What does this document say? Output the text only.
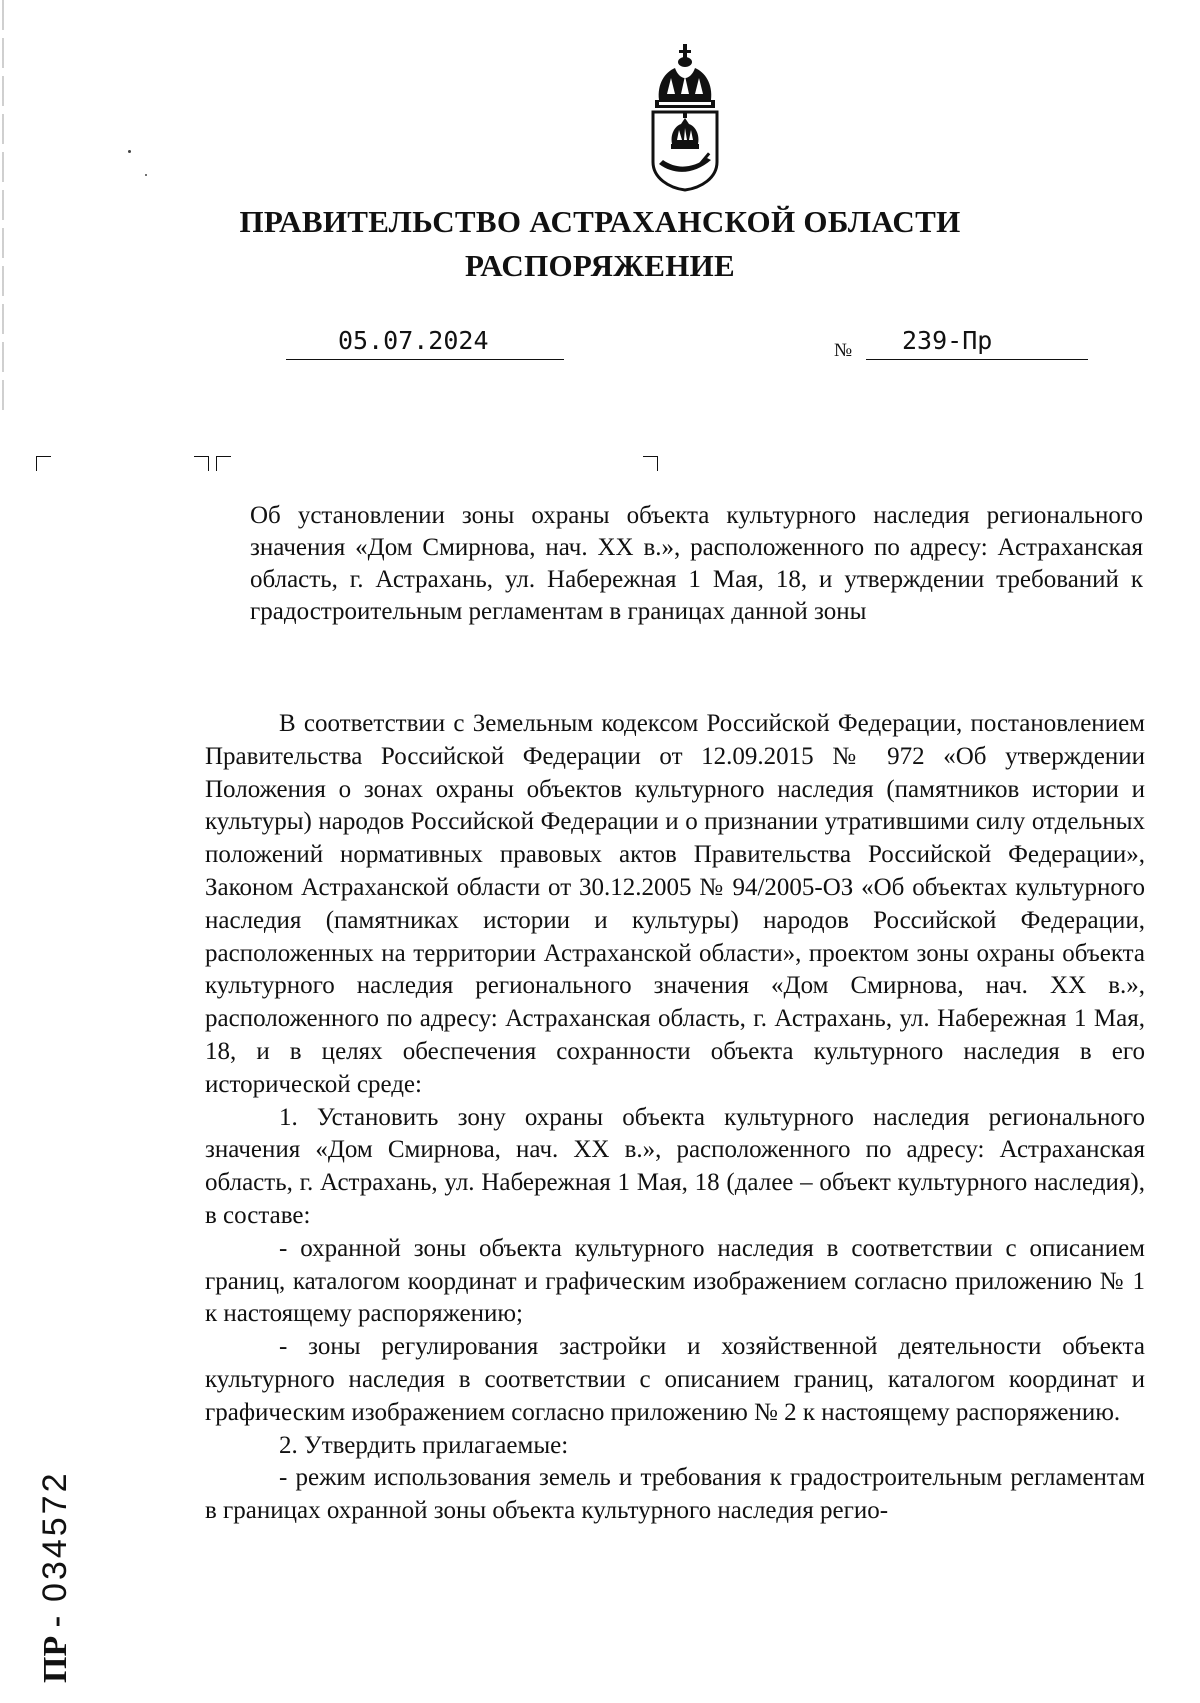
ПРАВИТЕЛЬСТВО АСТРАХАНСКОЙ ОБЛАСТИ
РАСПОРЯЖЕНИЕ
05.07.2024	№	239-Пр

Об установлении зоны охраны объекта культурного наследия регионального значения «Дом Смирнова, нач. XX в.», расположенного по адресу: Астраханская область, г. Астрахань, ул. Набережная 1 Мая, 18, и утверждении требований к градостроительным регламентам в границах данной зоны

В соответствии с Земельным кодексом Российской Федерации, постановлением Правительства Российской Федерации от 12.09.2015 № 972 «Об утверждении Положения о зонах охраны объектов культурного наследия (памятников истории и культуры) народов Российской Федерации и о признании утратившими силу отдельных положений нормативных правовых актов Правительства Российской Федерации», Законом Астраханской области от 30.12.2005 № 94/2005-ОЗ «Об объектах культурного наследия (памятниках истории и культуры) народов Российской Федерации, расположенных на территории Астраханской области», проектом зоны охраны объекта культурного наследия регионального значения «Дом Смирнова, нач. XX в.», расположенного по адресу: Астраханская область, г. Астрахань, ул. Набережная 1 Мая, 18, и в целях обеспечения сохранности объекта культурного наследия в его исторической среде:

1. Установить зону охраны объекта культурного наследия регионального значения «Дом Смирнова, нач. XX в.», расположенного по адресу: Астраханская область, г. Астрахань, ул. Набережная 1 Мая, 18 (далее – объект культурного наследия), в составе:

- охранной зоны объекта культурного наследия в соответствии с описанием границ, каталогом координат и графическим изображением согласно приложению № 1 к настоящему распоряжению;

- зоны регулирования застройки и хозяйственной деятельности объекта культурного наследия в соответствии с описанием границ, каталогом координат и графическим изображением согласно приложению № 2 к настоящему распоряжению.

2. Утвердить прилагаемые:

- режим использования земель и требования к градостроительным регламентам в границах охранной зоны объекта культурного наследия регио-

ПР -
034572
